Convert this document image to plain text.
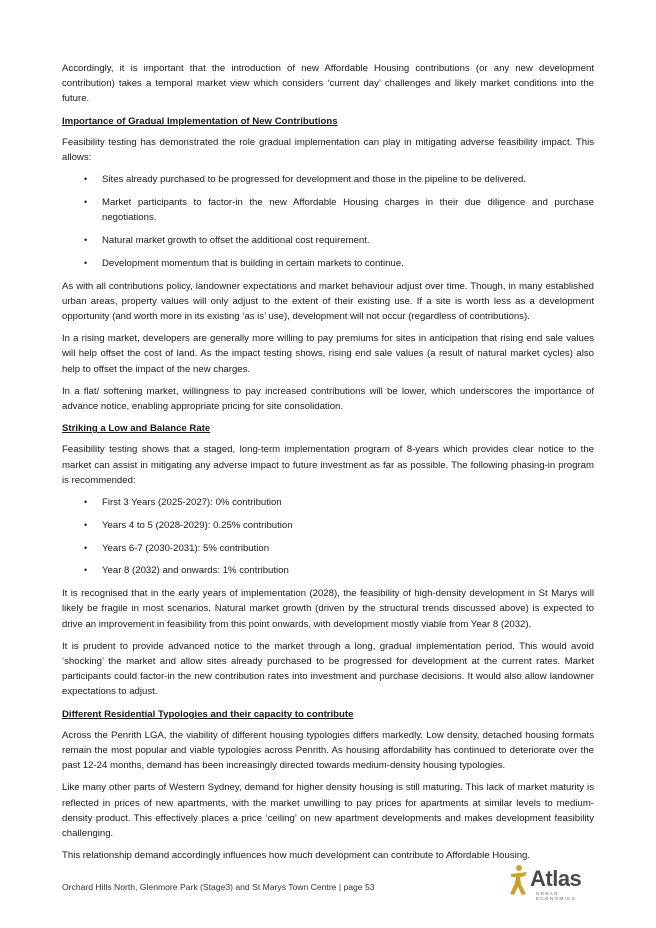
Accordingly, it is important that the introduction of new Affordable Housing contributions (or any new development contribution) takes a temporal market view which considers ‘current day’ challenges and likely market conditions into the future.

Importance of Gradual Implementation of New Contributions

Feasibility testing has demonstrated the role gradual implementation can play in mitigating adverse feasibility impact. This allows:

• Sites already purchased to be progressed for development and those in the pipeline to be delivered.
• Market participants to factor-in the new Affordable Housing charges in their due diligence and purchase negotiations.
• Natural market growth to offset the additional cost requirement.
• Development momentum that is building in certain markets to continue.

As with all contributions policy, landowner expectations and market behaviour adjust over time. Though, in many established urban areas, property values will only adjust to the extent of their existing use. If a site is worth less as a development opportunity (and worth more in its existing ‘as is’ use), development will not occur (regardless of contributions).

In a rising market, developers are generally more willing to pay premiums for sites in anticipation that rising end sale values will help offset the cost of land. As the impact testing shows, rising end sale values (a result of natural market cycles) also help to offset the impact of the new charges.

In a flat/ softening market, willingness to pay increased contributions will be lower, which underscores the importance of advance notice, enabling appropriate pricing for site consolidation.

Striking a Low and Balance Rate

Feasibility testing shows that a staged, long-term implementation program of 8-years which provides clear notice to the market can assist in mitigating any adverse impact to future investment as far as possible. The following phasing-in program is recommended:

• First 3 Years (2025-2027): 0% contribution
• Years 4 to 5 (2028-2029): 0.25% contribution
• Years 6-7 (2030-2031): 5% contribution
• Year 8 (2032) and onwards: 1% contribution

It is recognised that in the early years of implementation (2028), the feasibility of high-density development in St Marys will likely be fragile in most scenarios. Natural market growth (driven by the structural trends discussed above) is expected to drive an improvement in feasibility from this point onwards, with development mostly viable from Year 8 (2032).

It is prudent to provide advanced notice to the market through a long, gradual implementation period. This would avoid ‘shocking’ the market and allow sites already purchased to be progressed for development at the current rates. Market participants could factor-in the new contribution rates into investment and purchase decisions. It would also allow landowner expectations to adjust.

Different Residential Typologies and their capacity to contribute

Across the Penrith LGA, the viability of different housing typologies differs markedly. Low density, detached housing formats remain the most popular and viable typologies across Penrith. As housing affordability has continued to deteriorate over the past 12-24 months, demand has been increasingly directed towards medium-density housing typologies.

Like many other parts of Western Sydney, demand for higher density housing is still maturing. This lack of market maturity is reflected in prices of new apartments, with the market unwilling to pay prices for apartments at similar levels to medium-density product. This effectively places a price ‘ceiling’ on new apartment developments and makes development feasibility challenging.

This relationship demand accordingly influences how much development can contribute to Affordable Housing.

Orchard Hills North, Glenmore Park (Stage3) and St Marys Town Centre | page 53	Atlas
URBAN ECONOMICS
